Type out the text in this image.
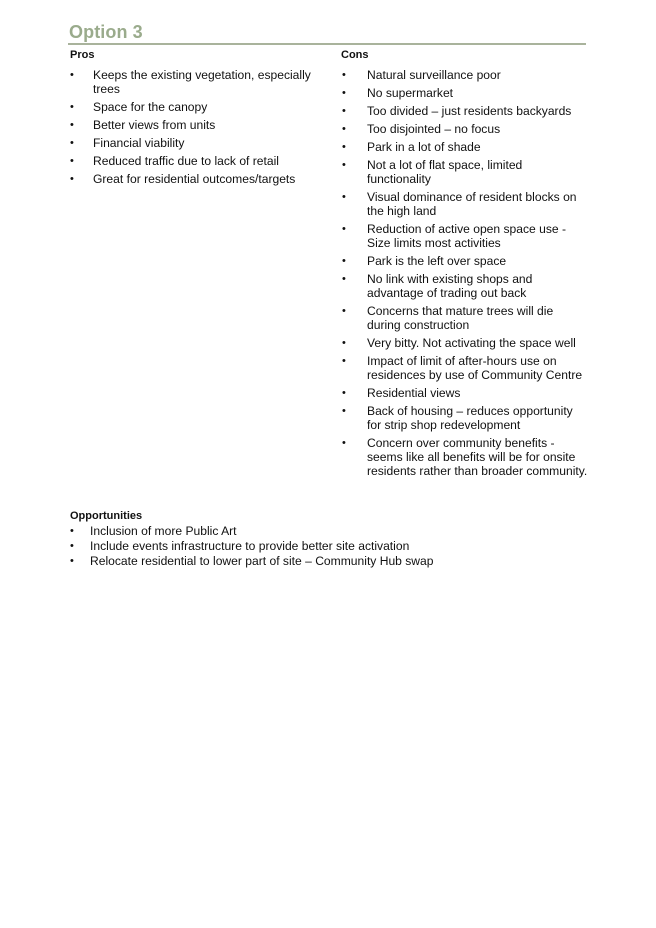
Option 3
Pros
• Keeps the existing vegetation, especially trees
• Space for the canopy
• Better views from units
• Financial viability
• Reduced traffic due to lack of retail
• Great for residential outcomes/targets
Cons
• Natural surveillance poor
• No supermarket
• Too divided – just residents backyards
• Too disjointed – no focus
• Park in a lot of shade
• Not a lot of flat space, limited functionality
• Visual dominance of resident blocks on the high land
• Reduction of active open space use - Size limits most activities
• Park is the left over space
• No link with existing shops and advantage of trading out back
• Concerns that mature trees will die during construction
• Very bitty. Not activating the space well
• Impact of limit of after-hours use on residences by use of Community Centre
• Residential views
• Back of housing – reduces opportunity for strip shop redevelopment
• Concern over community benefits - seems like all benefits will be for onsite residents rather than broader community.
Opportunities
• Inclusion of more Public Art
• Include events infrastructure to provide better site activation
• Relocate residential to lower part of site – Community Hub swap
